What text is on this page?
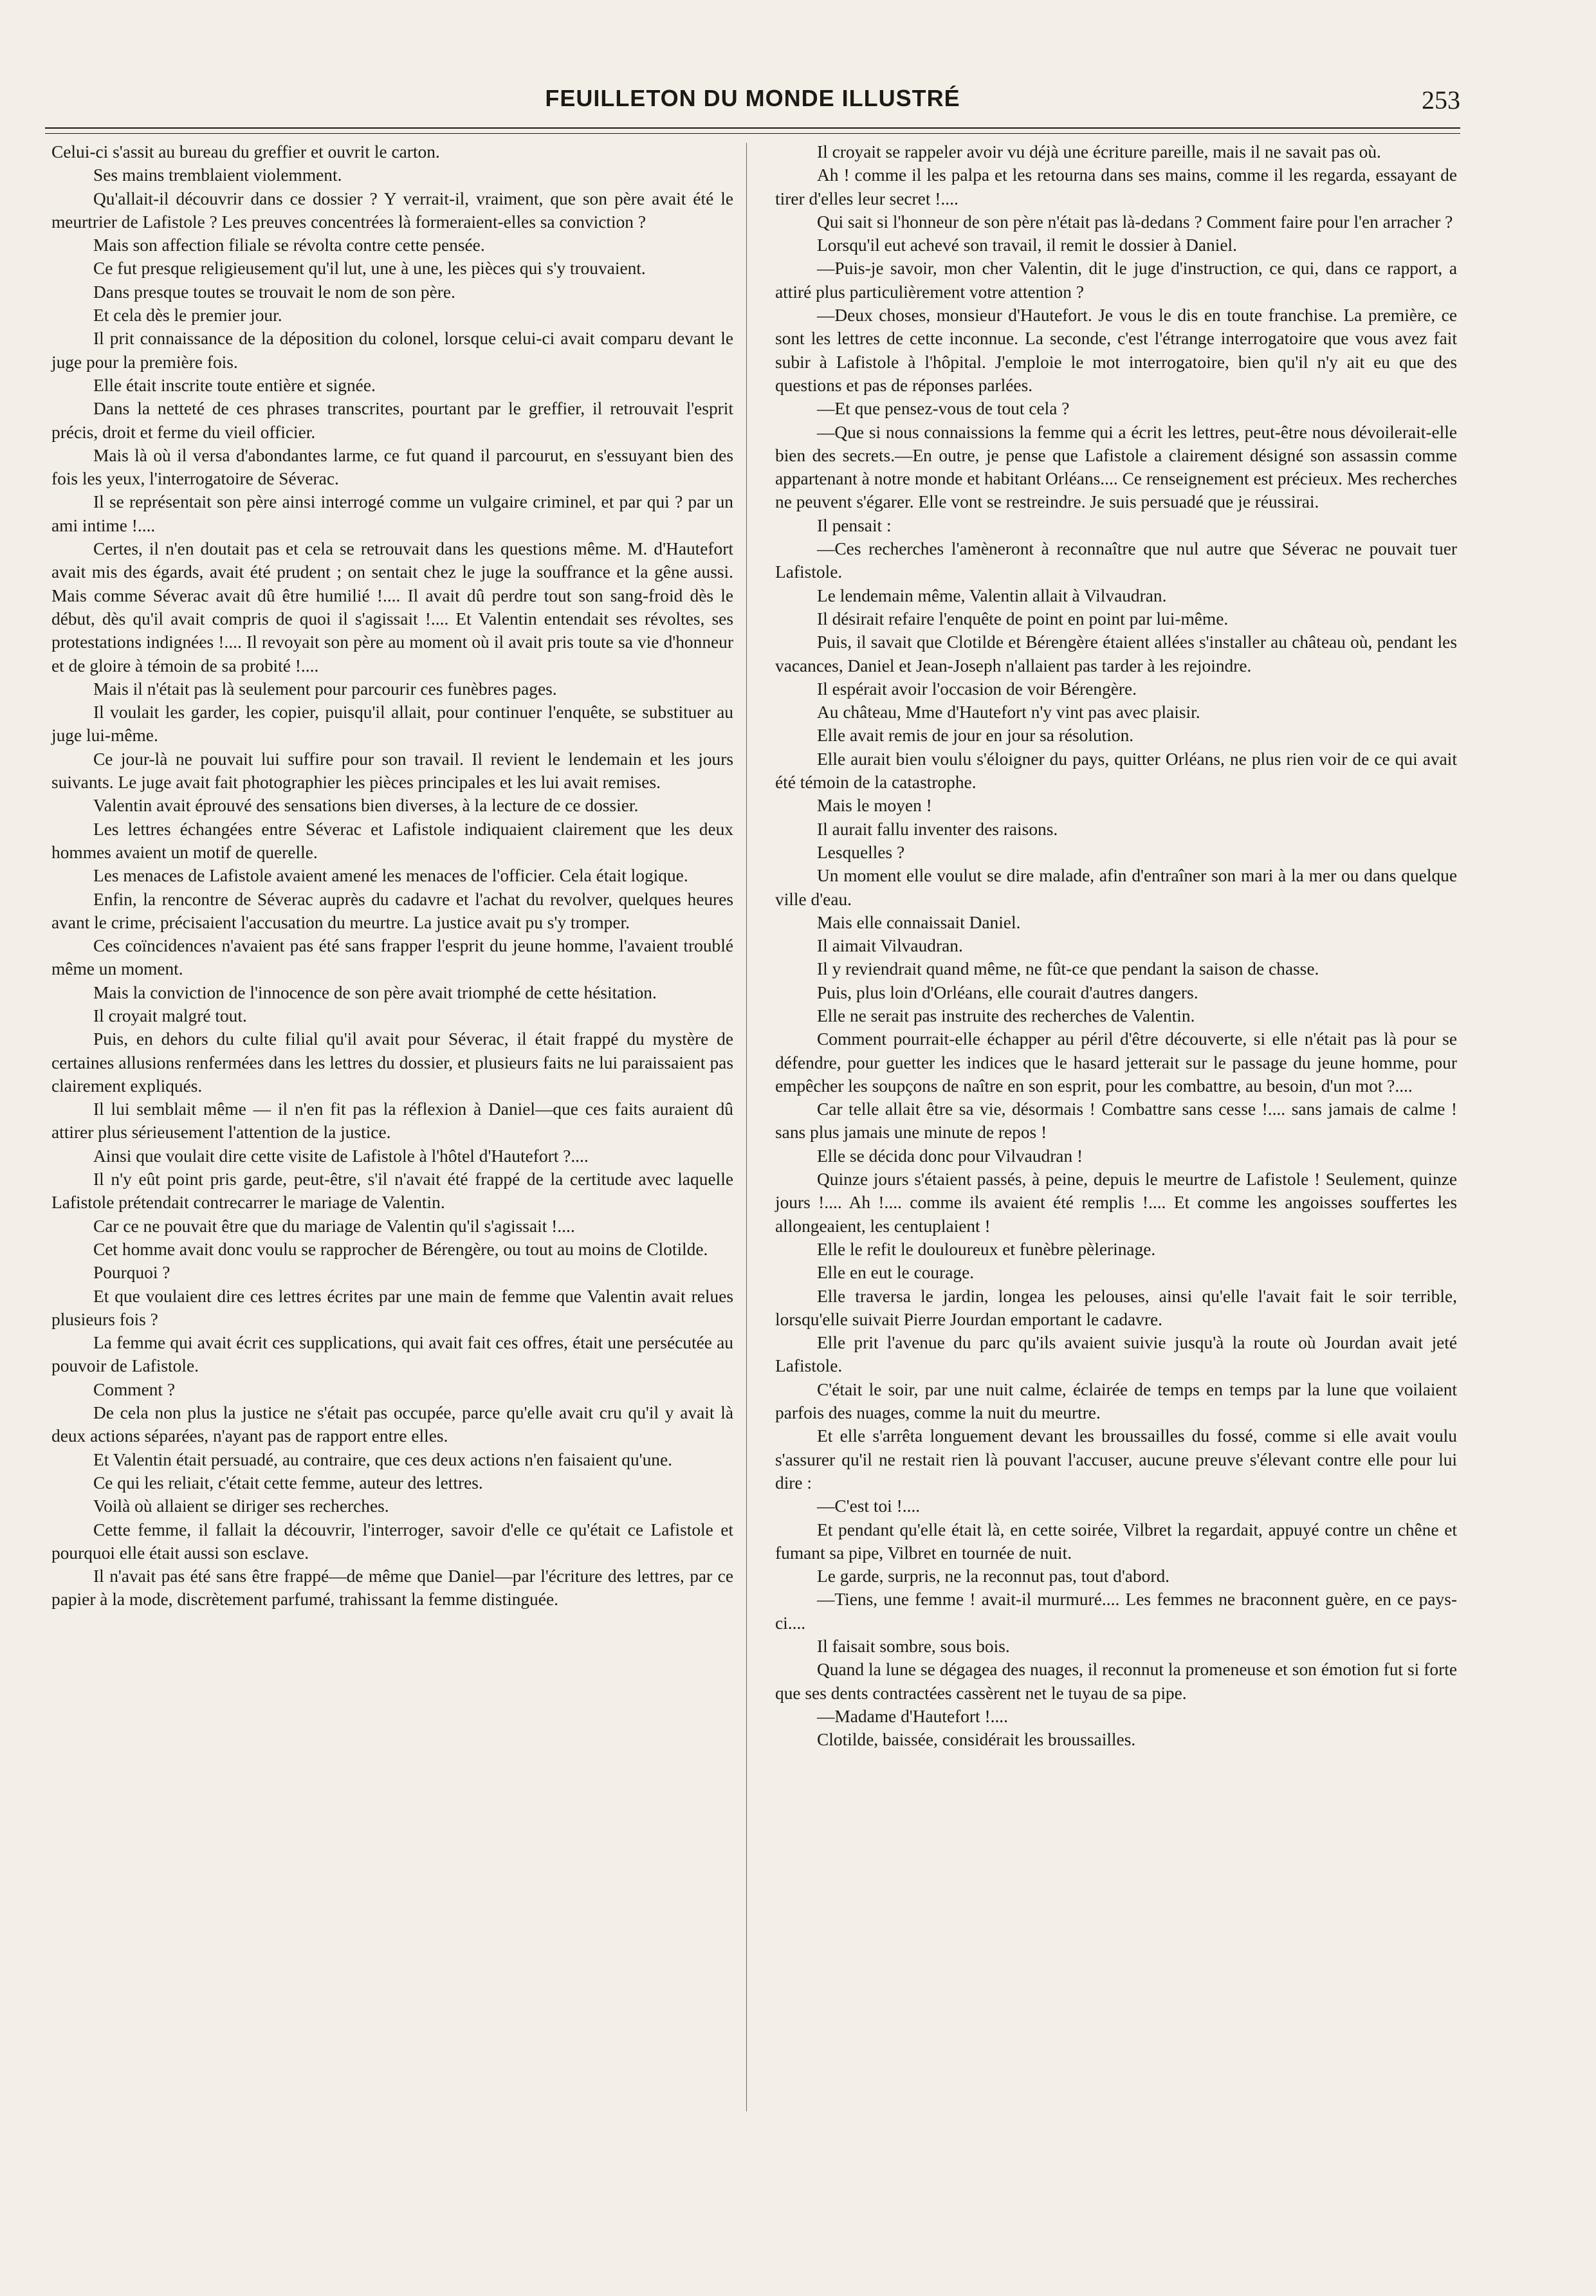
FEUILLETON DU MONDE ILLUSTRÉ	253

Celui-ci s'assit au bureau du greffier et ouvrit le carton.

Ses mains tremblaient violemment.

Qu'allait-il découvrir dans ce dossier ? Y verrait-il, vraiment, que son père avait été le meurtrier de Lafistole ? Les preuves concentrées là formeraient-elles sa conviction ?

Mais son affection filiale se révolta contre cette pensée.

Ce fut presque religieusement qu'il lut, une à une, les pièces qui s'y trouvaient.

Dans presque toutes se trouvait le nom de son père.

Et cela dès le premier jour.

Il prit connaissance de la déposition du colonel, lorsque celui-ci avait comparu devant le juge pour la première fois.

Elle était inscrite toute entière et signée.

Dans la netteté de ces phrases transcrites, pourtant par le greffier, il retrouvait l'esprit précis, droit et ferme du vieil officier.

Mais là où il versa d'abondantes larme, ce fut quand il parcourut, en s'essuyant bien des fois les yeux, l'interrogatoire de Séverac.

Il se représentait son père ainsi interrogé comme un vulgaire criminel, et par qui ? par un ami intime !....

Certes, il n'en doutait pas et cela se retrouvait dans les questions même. M. d'Hautefort avait mis des égards, avait été prudent ; on sentait chez le juge la souffrance et la gêne aussi. Mais comme Séverac avait dû être humilié !.... Il avait dû perdre tout son sang-froid dès le début, dès qu'il avait compris de quoi il s'agissait !.... Et Valentin entendait ses révoltes, ses protestations indignées !.... Il revoyait son père au moment où il avait pris toute sa vie d'honneur et de gloire à témoin de sa probité !....

Mais il n'était pas là seulement pour parcourir ces funèbres pages.

Il voulait les garder, les copier, puisqu'il allait, pour continuer l'enquête, se substituer au juge lui-même.

Ce jour-là ne pouvait lui suffire pour son travail. Il revient le lendemain et les jours suivants. Le juge avait fait photographier les pièces principales et les lui avait remises.

Valentin avait éprouvé des sensations bien diverses, à la lecture de ce dossier.

Les lettres échangées entre Séverac et Lafistole indiquaient clairement que les deux hommes avaient un motif de querelle.

Les menaces de Lafistole avaient amené les menaces de l'officier. Cela était logique.

Enfin, la rencontre de Séverac auprès du cadavre et l'achat du revolver, quelques heures avant le crime, précisaient l'accusation du meurtre. La justice avait pu s'y tromper.

Ces coïncidences n'avaient pas été sans frapper l'esprit du jeune homme, l'avaient troublé même un moment.

Mais la conviction de l'innocence de son père avait triomphé de cette hésitation.

Il croyait malgré tout.

Puis, en dehors du culte filial qu'il avait pour Séverac, il était frappé du mystère de certaines allusions renfermées dans les lettres du dossier, et plusieurs faits ne lui paraissaient pas clairement expliqués.

Il lui semblait même — il n'en fit pas la réflexion à Daniel—que ces faits auraient dû attirer plus sérieusement l'attention de la justice.

Ainsi que voulait dire cette visite de Lafistole à l'hôtel d'Hautefort ?....

Il n'y eût point pris garde, peut-être, s'il n'avait été frappé de la certitude avec laquelle Lafistole prétendait contrecarrer le mariage de Valentin.

Car ce ne pouvait être que du mariage de Valentin qu'il s'agissait !....

Cet homme avait donc voulu se rapprocher de Bérengère, ou tout au moins de Clotilde.

Pourquoi ?

Et que voulaient dire ces lettres écrites par une main de femme que Valentin avait relues plusieurs fois ?

La femme qui avait écrit ces supplications, qui avait fait ces offres, était une persécutée au pouvoir de Lafistole.

Comment ?

De cela non plus la justice ne s'était pas occupée, parce qu'elle avait cru qu'il y avait là deux actions séparées, n'ayant pas de rapport entre elles.

Et Valentin était persuadé, au contraire, que ces deux actions n'en faisaient qu'une.

Ce qui les reliait, c'était cette femme, auteur des lettres.

Voilà où allaient se diriger ses recherches.

Cette femme, il fallait la découvrir, l'interroger, savoir d'elle ce qu'était ce Lafistole et pourquoi elle était aussi son esclave.

Il n'avait pas été sans être frappé—de même que Daniel—par l'écriture des lettres, par ce papier à la mode, discrètement parfumé, trahissant la femme distinguée.

Il croyait se rappeler avoir vu déjà une écriture pareille, mais il ne savait pas où.

Ah ! comme il les palpa et les retourna dans ses mains, comme il les regarda, essayant de tirer d'elles leur secret !....

Qui sait si l'honneur de son père n'était pas là-dedans ? Comment faire pour l'en arracher ?

Lorsqu'il eut achevé son travail, il remit le dossier à Daniel.

—Puis-je savoir, mon cher Valentin, dit le juge d'instruction, ce qui, dans ce rapport, a attiré plus particulièrement votre attention ?

—Deux choses, monsieur d'Hautefort. Je vous le dis en toute franchise. La première, ce sont les lettres de cette inconnue. La seconde, c'est l'étrange interrogatoire que vous avez fait subir à Lafistole à l'hôpital. J'emploie le mot interrogatoire, bien qu'il n'y ait eu que des questions et pas de réponses parlées.

—Et que pensez-vous de tout cela ?

—Que si nous connaissions la femme qui a écrit les lettres, peut-être nous dévoilerait-elle bien des secrets.—En outre, je pense que Lafistole a clairement désigné son assassin comme appartenant à notre monde et habitant Orléans.... Ce renseignement est précieux. Mes recherches ne peuvent s'égarer. Elle vont se restreindre. Je suis persuadé que je réussirai.

Il pensait :

—Ces recherches l'amèneront à reconnaître que nul autre que Séverac ne pouvait tuer Lafistole.

Le lendemain même, Valentin allait à Vilvaudran.

Il désirait refaire l'enquête de point en point par lui-même.

Puis, il savait que Clotilde et Bérengère étaient allées s'installer au château où, pendant les vacances, Daniel et Jean-Joseph n'allaient pas tarder à les rejoindre.

Il espérait avoir l'occasion de voir Bérengère.

Au château, Mme d'Hautefort n'y vint pas avec plaisir.

Elle avait remis de jour en jour sa résolution.

Elle aurait bien voulu s'éloigner du pays, quitter Orléans, ne plus rien voir de ce qui avait été témoin de la catastrophe.

Mais le moyen !

Il aurait fallu inventer des raisons.

Lesquelles ?

Un moment elle voulut se dire malade, afin d'entraîner son mari à la mer ou dans quelque ville d'eau.

Mais elle connaissait Daniel.

Il aimait Vilvaudran.

Il y reviendrait quand même, ne fût-ce que pendant la saison de chasse.

Puis, plus loin d'Orléans, elle courait d'autres dangers.

Elle ne serait pas instruite des recherches de Valentin.

Comment pourrait-elle échapper au péril d'être découverte, si elle n'était pas là pour se défendre, pour guetter les indices que le hasard jetterait sur le passage du jeune homme, pour empêcher les soupçons de naître en son esprit, pour les combattre, au besoin, d'un mot ?....

Car telle allait être sa vie, désormais ! Combattre sans cesse !.... sans jamais de calme ! sans plus jamais une minute de repos !

Elle se décida donc pour Vilvaudran !

Quinze jours s'étaient passés, à peine, depuis le meurtre de Lafistole ! Seulement, quinze jours !.... Ah !.... comme ils avaient été remplis !.... Et comme les angoisses souffertes les allongeaient, les centuplaient !

Elle le refit le douloureux et funèbre pèlerinage.

Elle en eut le courage.

Elle traversa le jardin, longea les pelouses, ainsi qu'elle l'avait fait le soir terrible, lorsqu'elle suivait Pierre Jourdan emportant le cadavre.

Elle prit l'avenue du parc qu'ils avaient suivie jusqu'à la route où Jourdan avait jeté Lafistole.

C'était le soir, par une nuit calme, éclairée de temps en temps par la lune que voilaient parfois des nuages, comme la nuit du meurtre.

Et elle s'arrêta longuement devant les broussailles du fossé, comme si elle avait voulu s'assurer qu'il ne restait rien là pouvant l'accuser, aucune preuve s'élevant contre elle pour lui dire :

—C'est toi !....

Et pendant qu'elle était là, en cette soirée, Vilbret la regardait, appuyé contre un chêne et fumant sa pipe, Vilbret en tournée de nuit.

Le garde, surpris, ne la reconnut pas, tout d'abord.

—Tiens, une femme ! avait-il murmuré.... Les femmes ne braconnent guère, en ce pays-ci....

Il faisait sombre, sous bois.

Quand la lune se dégagea des nuages, il reconnut la promeneuse et son émotion fut si forte que ses dents contractées cassèrent net le tuyau de sa pipe.

—Madame d'Hautefort !....

Clotilde, baissée, considérait les broussailles.
